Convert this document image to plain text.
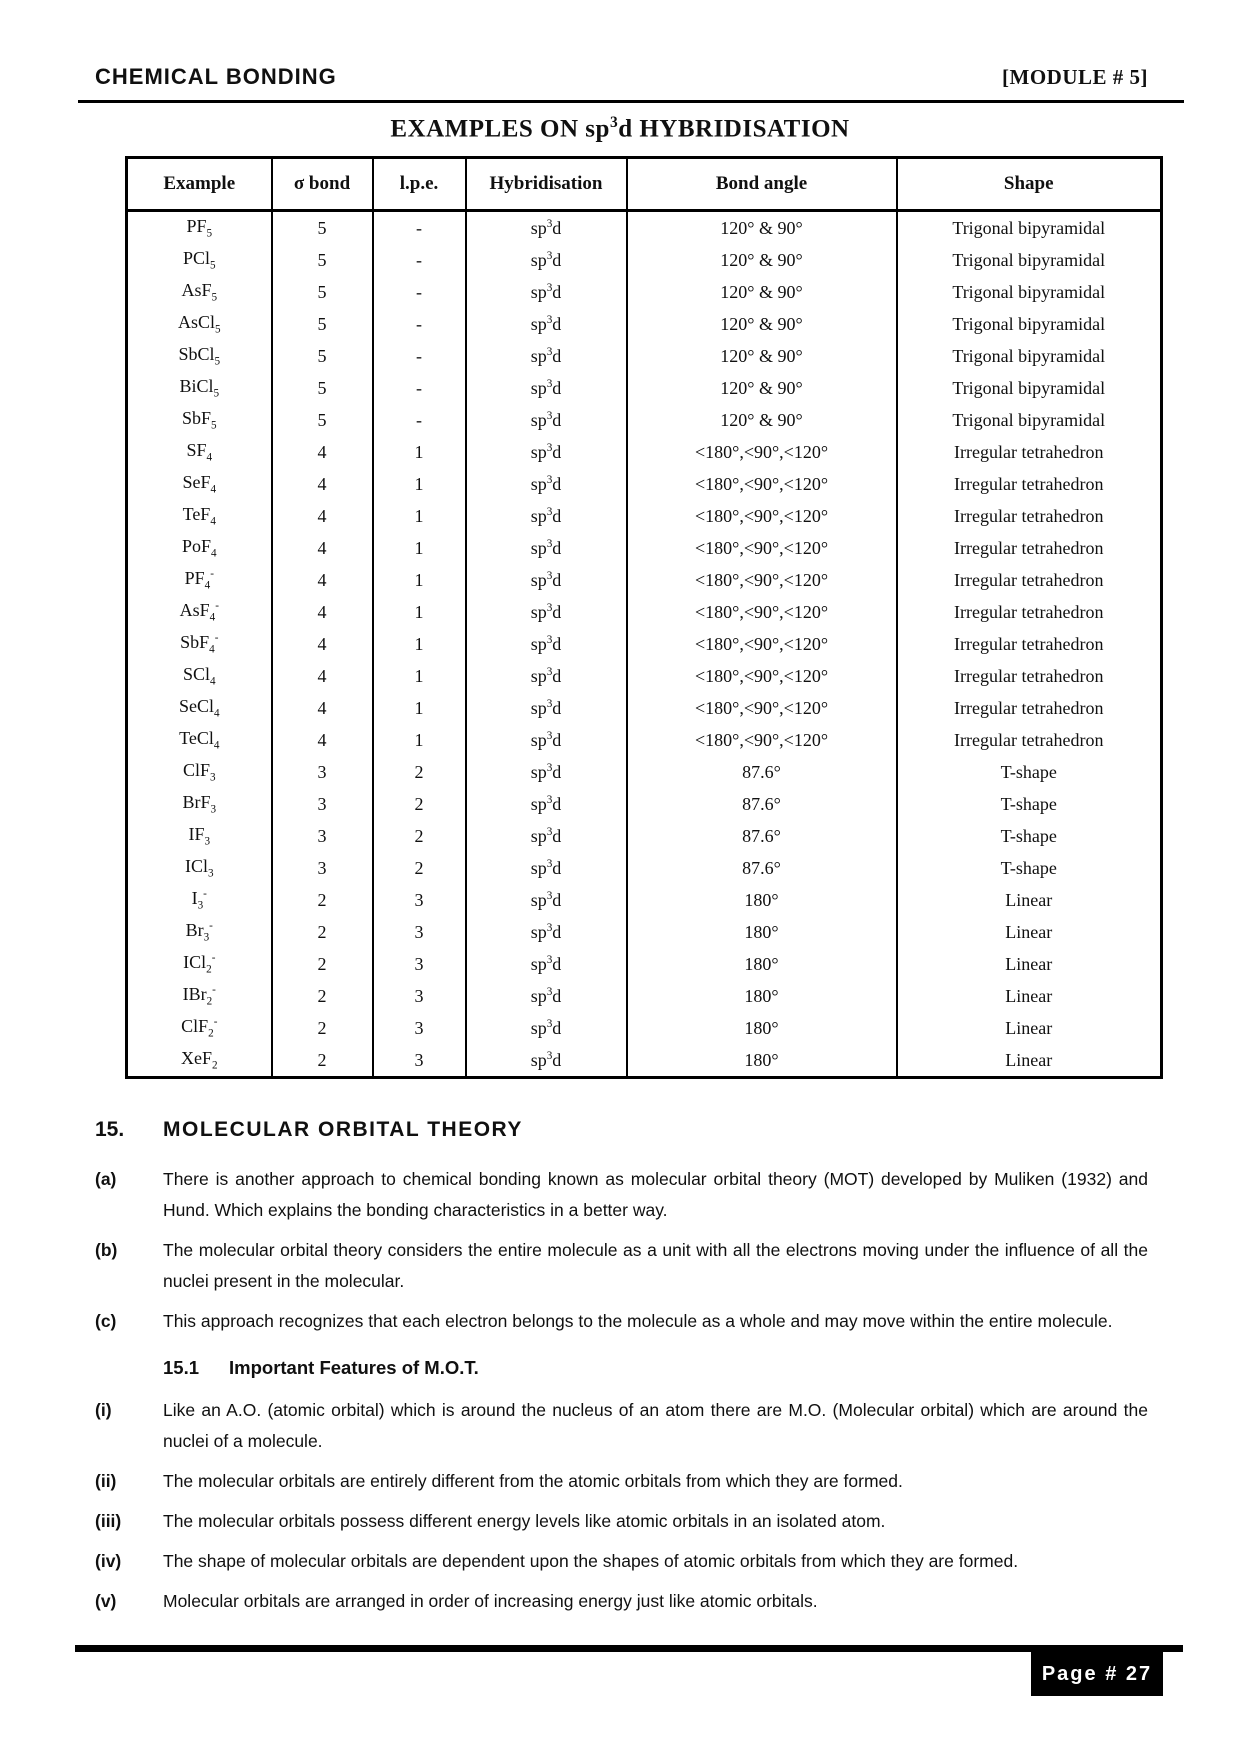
CHEMICAL BONDING	[MODULE # 5]
EXAMPLES ON $sp^3d$ HYBRIDISATION
Example	σ bond	l.p.e.	Hybridisation	Bond angle	Shape
$PF_5$	5	-	$sp^3d$	120° & 90°	Trigonal bipyramidal
PCl$_5$	5	-	$sp^3d$	120° & 90°	Trigonal bipyramidal
AsF$_5$	5	-	$sp^3d$	120° & 90°	Trigonal bipyramidal
AsCl$_5$	5	-	$sp^3d$	120° & 90°	Trigonal bipyramidal
SbCl$_5$	5	-	$sp^3d$	120° & 90°	Trigonal bipyramidal
BiCl$_5$	5	-	$sp^3d$	120° & 90°	Trigonal bipyramidal
SbF$_5$	5	-	$sp^3d$	120° & 90°	Trigonal bipyramidal
$SF_4$	4	1	$sp^3d$	<180°,<90°,<120°	Irregular tetrahedron
SeF$_4$	4	1	$sp^3d$	<180°,<90°,<120°	Irregular tetrahedron
TeF$_4$	4	1	$sp^3d$	<180°,<90°,<120°	Irregular tetrahedron
PoF$_4$	4	1	$sp^3d$	<180°,<90°,<120°	Irregular tetrahedron
$PF_4^-$	4	1	$sp^3d$	<180°,<90°,<120°	Irregular tetrahedron
AsF$_4$-	4	1	$sp^3d$	<180°,<90°,<120°	Irregular tetrahedron
SbF$_4$-	4	1	$sp^3d$	<180°,<90°,<120°	Irregular tetrahedron
SCl$_4$	4	1	$sp^3d$	<180°,<90°,<120°	Irregular tetrahedron
SeCl$_4$	4	1	$sp^3d$	<180°,<90°,<120°	Irregular tetrahedron
TeCl$_4$	4	1	$sp^3d$	<180°,<90°,<120°	Irregular tetrahedron
ClF$_3$	3	2	$sp^3d$	87.6°	T-shape
BrF$_3$	3	2	$sp^3d$	87.6°	T-shape
$IF_3$	3	2	$sp^3d$	87.6°	T-shape
ICl$_3$	3	2	$sp^3d$	87.6°	T-shape
$I_3^-$	2	3	$sp^3d$	180°	Linear
$Br_3^-$	2	3	$sp^3d$	180°	Linear
ICl$_2$-	2	3	$sp^3d$	180°	Linear
IBr$_2$-	2	3	$sp^3d$	180°	Linear
ClF$_2$-	2	3	$sp^3d$	180°	Linear
XeF$_2$	2	3	$sp^3d$	180°	Linear
15.	MOLECULAR ORBITAL THEORY
(a)	There is another approach to chemical bonding known as molecular orbital theory (MOT) developed by Muliken (1932) and Hund. Which explains the bonding characteristics in a better way.
(b)	The molecular orbital theory considers the entire molecule as a unit with all the electrons moving under the influence of all the nuclei present in the molecular.
(c)	This approach recognizes that each electron belongs to the molecule as a whole and may move within the entire molecule.
15.1	Important Features of M.O.T.
(i)	Like an A.O. (atomic orbital) which is around the nucleus of an atom there are M.O. (Molecular orbital) which are around the nuclei of a molecule.
(ii)	The molecular orbitals are entirely different from the atomic orbitals from which they are formed.
(iii)	The molecular orbitals possess different energy levels like atomic orbitals in an isolated atom.
(iv)	The shape of molecular orbitals are dependent upon the shapes of atomic orbitals from which they are formed.
(v)	Molecular orbitals are arranged in order of increasing energy just like atomic orbitals.
Page # 27
